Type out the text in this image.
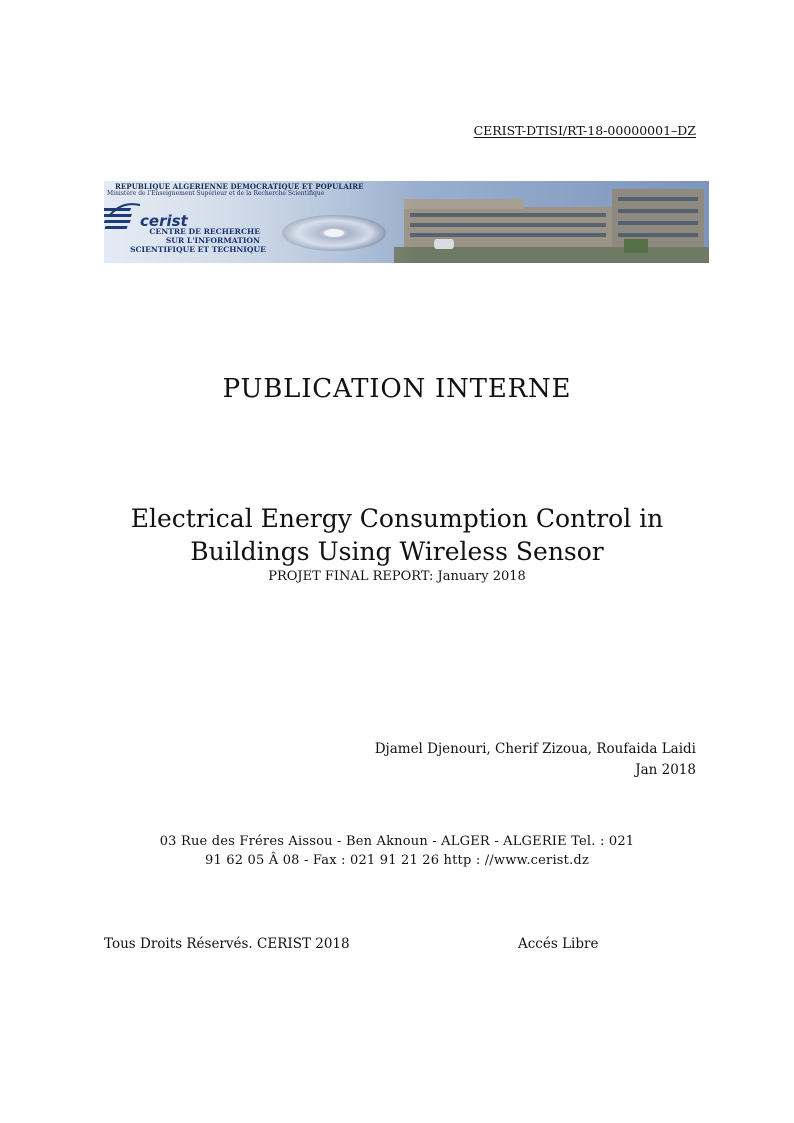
CERIST-DTISI/RT-18-00000001–DZ
REPUBLIQUE ALGERIENNE DEMOCRATIQUE ET POPULAIRE
Ministère de l'Enseignement Supérieur et de la Recherche Scientifique
cerist
CENTRE DE RECHERCHE
SUR L'INFORMATION
SCIENTIFIQUE ET TECHNIQUE
PUBLICATION INTERNE
Electrical Energy Consumption Control in
Buildings Using Wireless Sensor
PROJET FINAL REPORT: January 2018
Djamel Djenouri, Cherif Zizoua, Roufaida Laidi
Jan 2018
03 Rue des Fréres Aissou - Ben Aknoun - ALGER - ALGERIE Tel. : 021
91 62 05 Â 08 - Fax : 021 91 21 26 http : //www.cerist.dz
Tous Droits Réservés. CERIST 2018	Accés Libre
